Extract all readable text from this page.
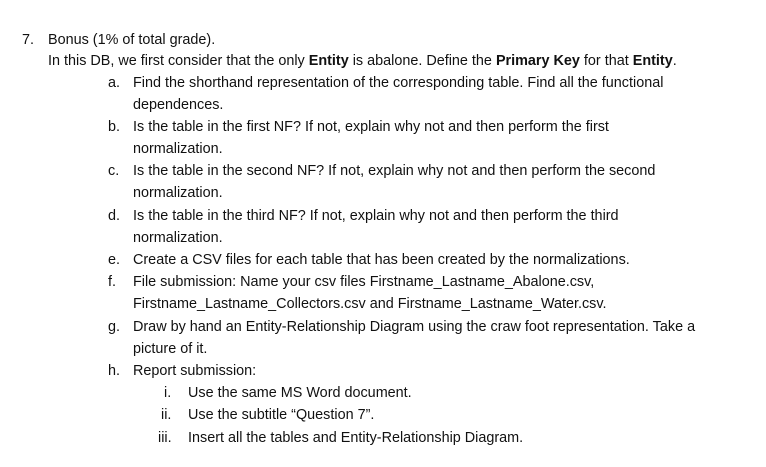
7. Bonus (1% of total grade).
In this DB, we first consider that the only Entity is abalone. Define the Primary Key for that Entity.
a. Find the shorthand representation of the corresponding table. Find all the functional
dependences.
b. Is the table in the first NF? If not, explain why not and then perform the first
normalization.
c. Is the table in the second NF? If not, explain why not and then perform the second
normalization.
d. Is the table in the third NF? If not, explain why not and then perform the third
normalization.
e. Create a CSV files for each table that has been created by the normalizations.
f. File submission: Name your csv files Firstname_Lastname_Abalone.csv,
Firstname_Lastname_Collectors.csv and Firstname_Lastname_Water.csv.
g. Draw by hand an Entity-Relationship Diagram using the craw foot representation. Take a
picture of it.
h. Report submission:
i. Use the same MS Word document.
ii. Use the subtitle “Question 7”.
iii. Insert all the tables and Entity-Relationship Diagram.
